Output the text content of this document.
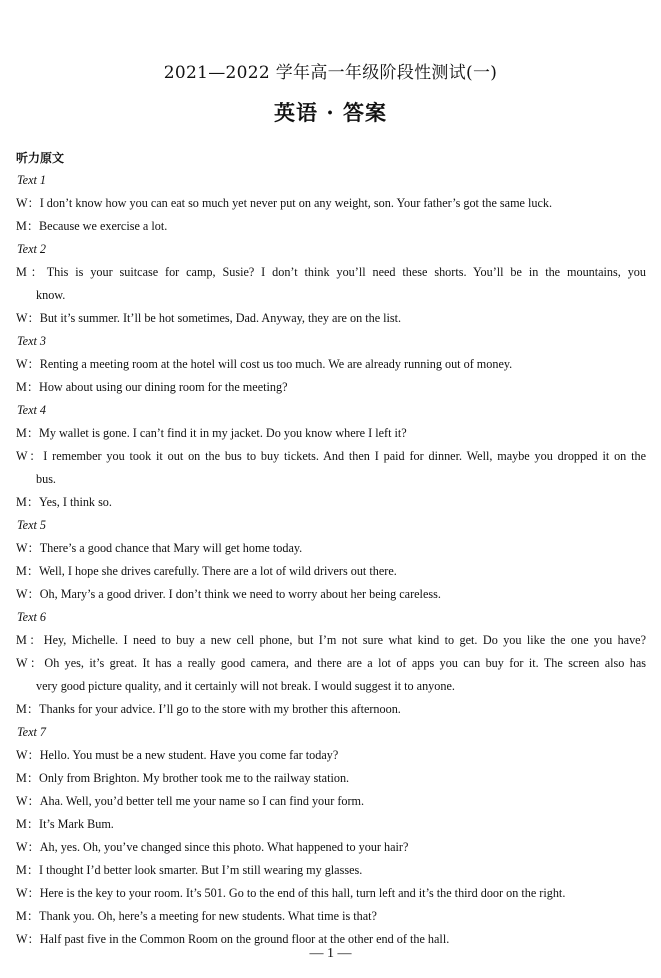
2021—2022 学年高一年级阶段性测试(一)
英语 · 答案
听力原文
Text 1
W：I don’t know how you can eat so much yet never put on any weight, son. Your father’s got the same luck.
M：Because we exercise a lot.
Text 2
M：This is your suitcase for camp, Susie? I don’t think you’ll need these shorts. You’ll be in the mountains, you
know.
W：But it’s summer. It’ll be hot sometimes, Dad. Anyway, they are on the list.
Text 3
W：Renting a meeting room at the hotel will cost us too much. We are already running out of money.
M：How about using our dining room for the meeting?
Text 4
M：My wallet is gone. I can’t find it in my jacket. Do you know where I left it?
W：I remember you took it out on the bus to buy tickets. And then I paid for dinner. Well, maybe you dropped it on the
bus.
M：Yes, I think so.
Text 5
W：There’s a good chance that Mary will get home today.
M：Well, I hope she drives carefully. There are a lot of wild drivers out there.
W：Oh, Mary’s a good driver. I don’t think we need to worry about her being careless.
Text 6
M：Hey, Michelle. I need to buy a new cell phone, but I’m not sure what kind to get. Do you like the one you have?
W：Oh yes, it’s great. It has a really good camera, and there are a lot of apps you can buy for it. The screen also has
very good picture quality, and it certainly will not break. I would suggest it to anyone.
M：Thanks for your advice. I’ll go to the store with my brother this afternoon.
Text 7
W：Hello. You must be a new student. Have you come far today?
M：Only from Brighton. My brother took me to the railway station.
W：Aha. Well, you’d better tell me your name so I can find your form.
M：It’s Mark Bum.
W：Ah, yes. Oh, you’ve changed since this photo. What happened to your hair?
M：I thought I’d better look smarter. But I’m still wearing my glasses.
W：Here is the key to your room. It’s 501. Go to the end of this hall, turn left and it’s the third door on the right.
M：Thank you. Oh, here’s a meeting for new students. What time is that?
W：Half past five in the Common Room on the ground floor at the other end of the hall.
— 1 —
